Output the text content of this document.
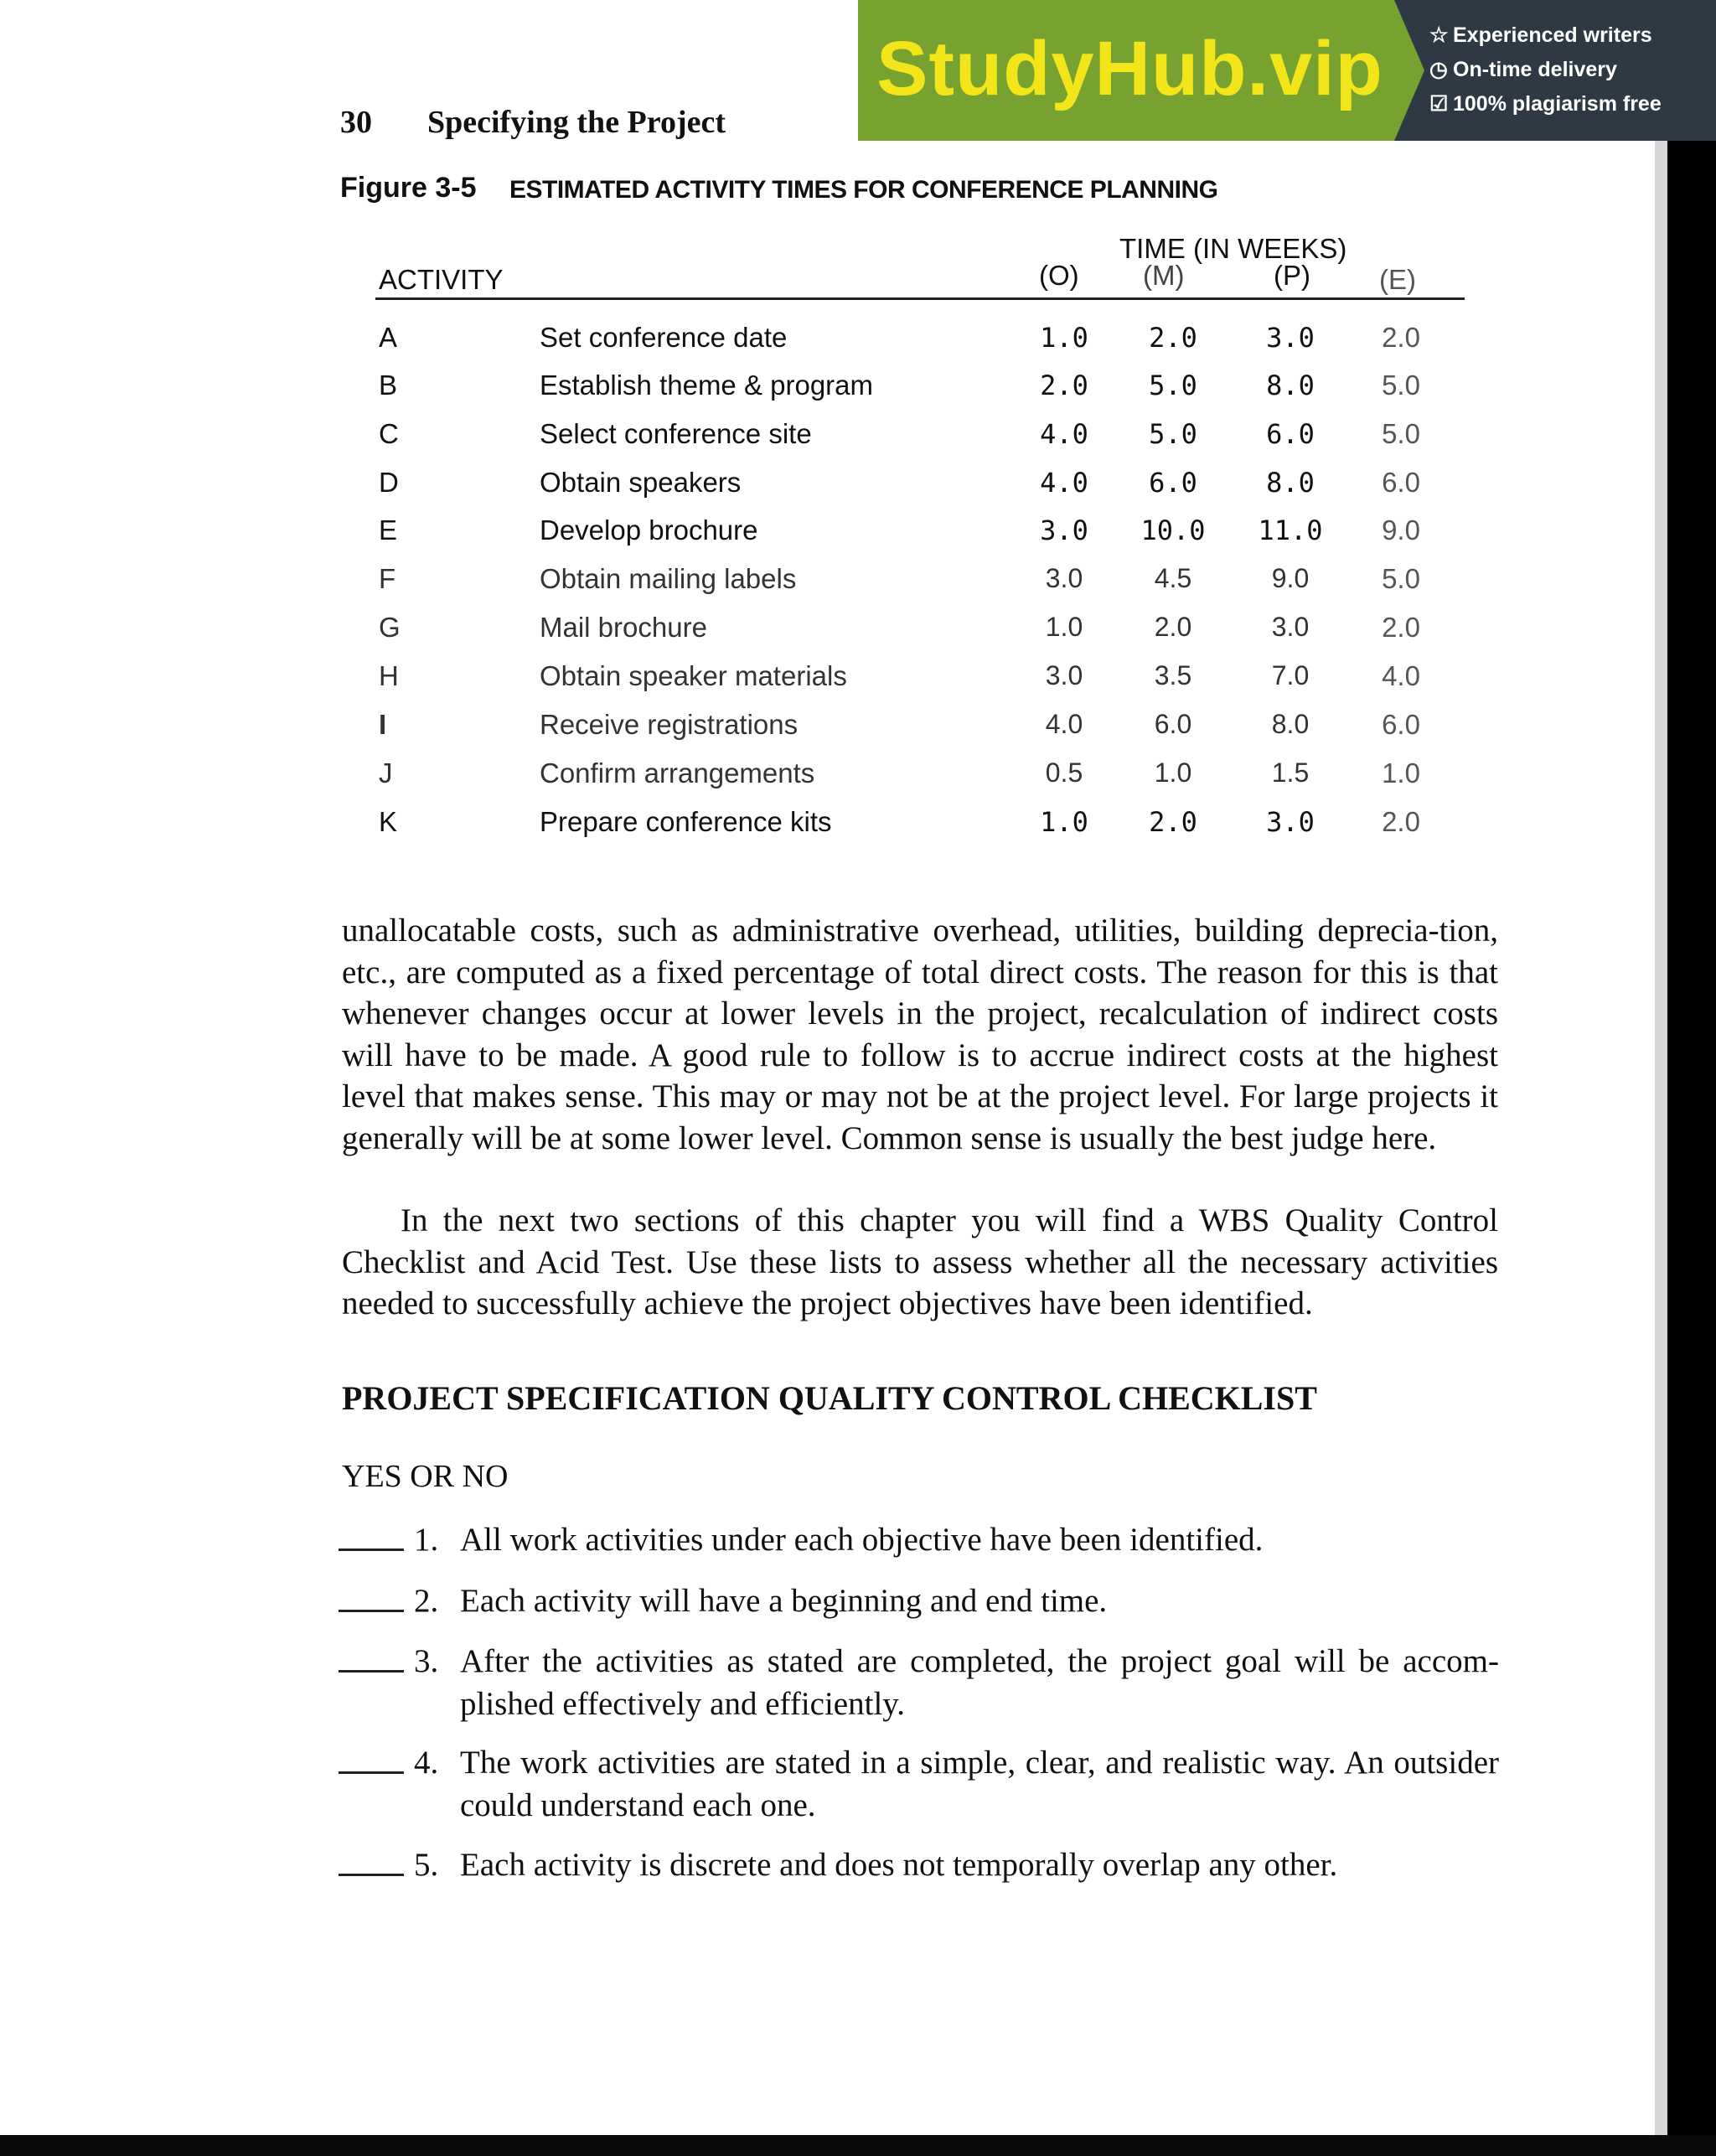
StudyHub.vip ☆ Experienced writers
◷ On-time delivery
☑ 100% plagiarism free
30 Specifying the Project
Figure 3-5 ESTIMATED ACTIVITY TIMES FOR CONFERENCE PLANNING
TIME (IN WEEKS)
ACTIVITY	(O) (M)	(P) (E)
A	Set conference date	1.0	2.0	3.0	2.0
B	Establish theme & program	2.0	5.0	8.0	5.0
C	Select conference site	4.0	5.0	6.0	5.0
D	Obtain speakers	4.0	6.0	8.0	6.0
E	Develop brochure	3.0	10.0	11.0	9.0
F	Obtain mailing labels	3.0	4.5	9.0	5.0
G	Mail brochure	1.0	2.0	3.0	2.0
H	Obtain speaker materials	3.0	3.5	7.0	4.0
I	Receive registrations	4.0	6.0	8.0	6.0
J	Confirm arrangements	0.5	1.0	1.5	1.0
K	Prepare conference kits	1.0	2.0	3.0	2.0
unallocatable costs, such as administrative overhead, utilities, building deprecia-tion, etc., are computed as a fixed percentage of total direct costs. The reason for this is that whenever changes occur at lower levels in the project, recalculation of indirect costs will have to be made. A good rule to follow is to accrue indirect costs at the highest level that makes sense. This may or may not be at the project level. For large projects it generally will be at some lower level. Common sense is usually the best judge here.
In the next two sections of this chapter you will find a WBS Quality Control Checklist and Acid Test. Use these lists to assess whether all the necessary activities needed to successfully achieve the project objectives have been identified.
PROJECT SPECIFICATION QUALITY CONTROL CHECKLIST
YES OR NO
1. All work activities under each objective have been identified.
2. Each activity will have a beginning and end time.
3. After the activities as stated are completed, the project goal will be accom-plished effectively and efficiently.
4. The work activities are stated in a simple, clear, and realistic way. An outsider could understand each one.
5. Each activity is discrete and does not temporally overlap any other.
